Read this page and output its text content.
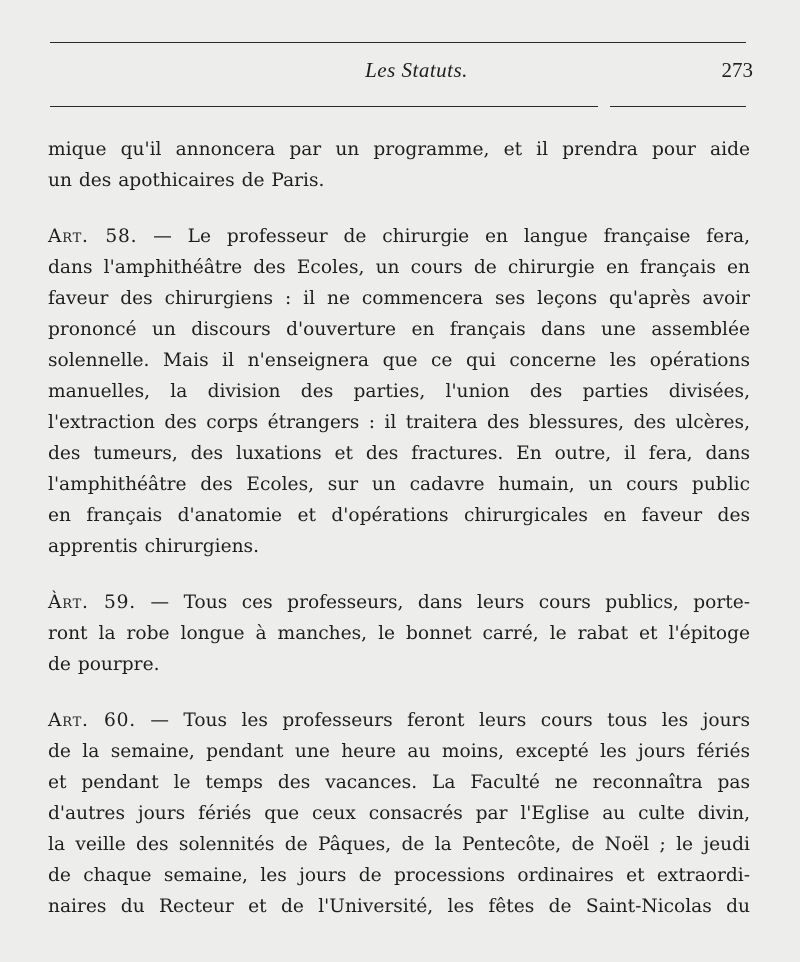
Les Statuts.	273
mique qu'il annoncera par un programme, et il prendra pour aide
un des apothicaires de Paris.
Art. 58. — Le professeur de chirurgie en langue française fera,
dans l'amphithéâtre des Ecoles, un cours de chirurgie en français en
faveur des chirurgiens : il ne commencera ses leçons qu'après avoir
prononcé un discours d'ouverture en français dans une assemblée
solennelle. Mais il n'enseignera que ce qui concerne les opérations
manuelles, la division des parties, l'union des parties divisées,
l'extraction des corps étrangers : il traitera des blessures, des ulcères,
des tumeurs, des luxations et des fractures. En outre, il fera, dans
l'amphithéâtre des Ecoles, sur un cadavre humain, un cours public
en français d'anatomie et d'opérations chirurgicales en faveur des
apprentis chirurgiens.
Àrt. 59. — Tous ces professeurs, dans leurs cours publics, porte-
ront la robe longue à manches, le bonnet carré, le rabat et l'épitoge
de pourpre.
Art. 60. — Tous les professeurs feront leurs cours tous les jours
de la semaine, pendant une heure au moins, excepté les jours fériés
et pendant le temps des vacances. La Faculté ne reconnaîtra pas
d'autres jours fériés que ceux consacrés par l'Eglise au culte divin,
la veille des solennités de Pâques, de la Pentecôte, de Noël ; le jeudi
de chaque semaine, les jours de processions ordinaires et extraordi-
naires du Recteur et de l'Université, les fêtes de Saint-Nicolas du
